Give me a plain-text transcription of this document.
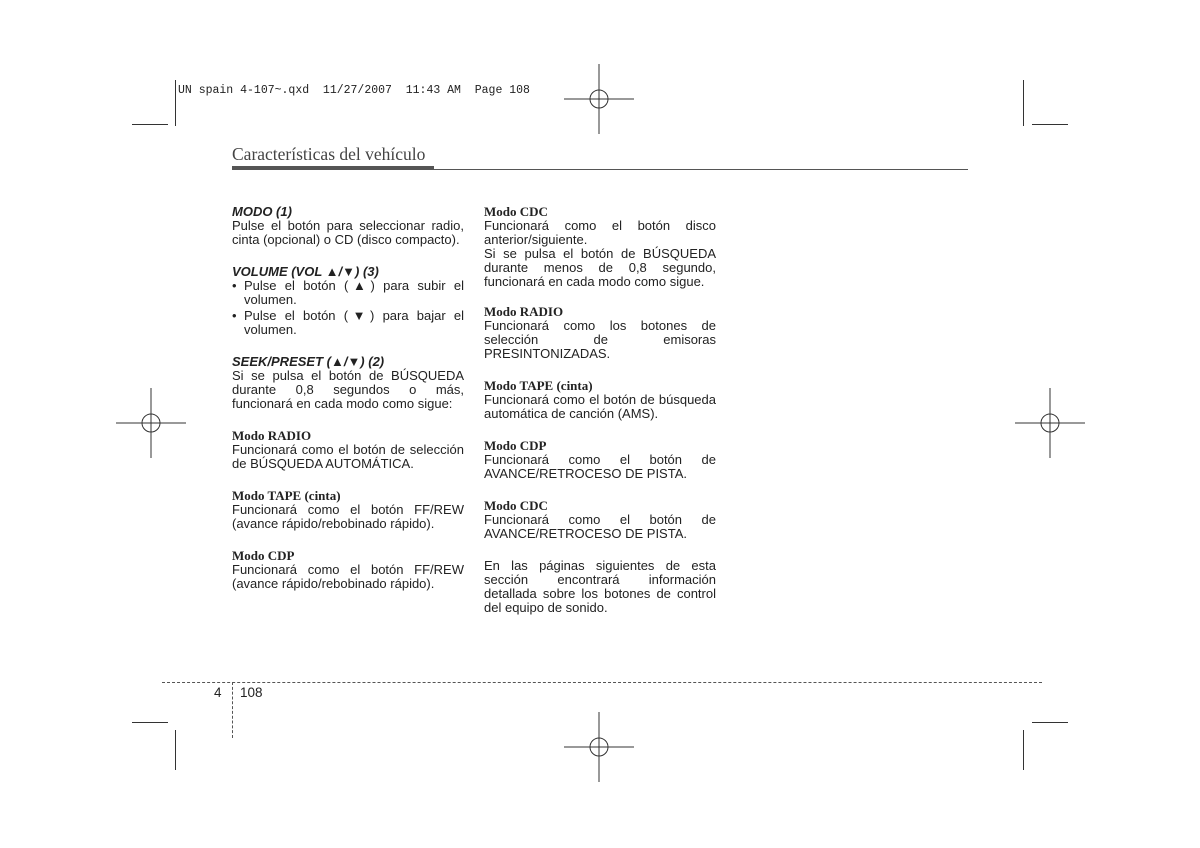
UN spain 4-107~.qxd  11/27/2007  11:43 AM  Page 108
Características del vehículo

MODO (1)

Pulse el botón para seleccionar radio, cinta (opcional) o CD (disco compacto).

VOLUME (VOL ▲/▼) (3)

• Pulse el botón (▲) para subir el volumen.
• Pulse el botón (▼) para bajar el volumen.

SEEK/PRESET (▲/▼) (2)

Si se pulsa el botón de BÚSQUEDA durante 0,8 segundos o más, funcionará en cada modo como sigue:

Modo RADIO

Funcionará como el botón de selección de BÚSQUEDA AUTOMÁTICA.

Modo TAPE (cinta)

Funcionará como el botón FF/REW (avance rápido/rebobinado rápido).

Modo CDP

Funcionará como el botón FF/REW (avance rápido/rebobinado rápido).

Modo CDC

Funcionará como el botón disco anterior/siguiente.

Si se pulsa el botón de BÚSQUEDA durante menos de 0,8 segundo, funcionará en cada modo como sigue.

Modo RADIO

Funcionará como los botones de

selección de emisoras

PRESINTONIZADAS.

Modo TAPE (cinta)

Funcionará como el botón de búsqueda automática de canción (AMS).

Modo CDP

Funcionará como el botón de

AVANCE/RETROCESO DE PISTA.

Modo CDC

Funcionará como el botón de

AVANCE/RETROCESO DE PISTA.

En las páginas siguientes de esta sección encontrará información detallada sobre los botones de control del equipo de sonido.

4 108
